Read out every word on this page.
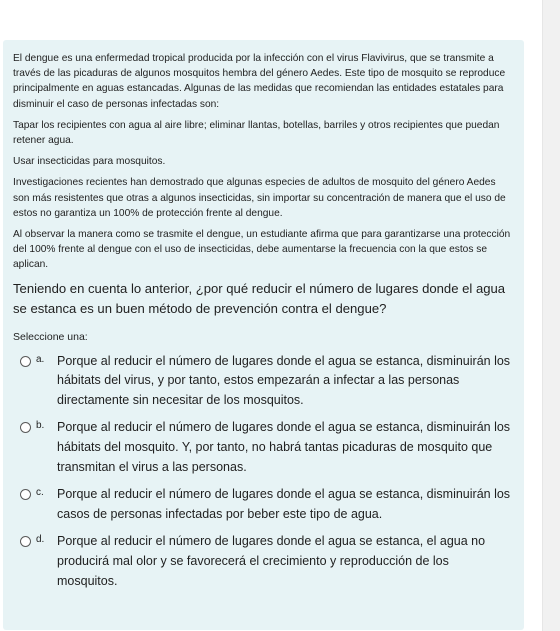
El dengue es una enfermedad tropical producida por la infección con el virus Flavivirus, que se transmite a través de las picaduras de algunos mosquitos hembra del género Aedes. Este tipo de mosquito se reproduce principalmente en aguas estancadas. Algunas de las medidas que recomiendan las entidades estatales para disminuir el caso de personas infectadas son:

Tapar los recipientes con agua al aire libre; eliminar llantas, botellas, barriles y otros recipientes que puedan retener agua.

Usar insecticidas para mosquitos.

Investigaciones recientes han demostrado que algunas especies de adultos de mosquito del género Aedes son más resistentes que otras a algunos insecticidas, sin importar su concentración de manera que el uso de estos no garantiza un 100% de protección frente al dengue.

Al observar la manera como se trasmite el dengue, un estudiante afirma que para garantizarse una protección del 100% frente al dengue con el uso de insecticidas, debe aumentarse la frecuencia con la que estos se aplican.

Teniendo en cuenta lo anterior, ¿por qué reducir el número de lugares donde el agua se estanca es un buen método de prevención contra el dengue?

Seleccione una:

a. Porque al reducir el número de lugares donde el agua se estanca, disminuirán los hábitats del virus, y por tanto, estos empezarán a infectar a las personas directamente sin necesitar de los mosquitos.
b. Porque al reducir el número de lugares donde el agua se estanca, disminuirán los hábitats del mosquito. Y, por tanto, no habrá tantas picaduras de mosquito que transmitan el virus a las personas.
c. Porque al reducir el número de lugares donde el agua se estanca, disminuirán los casos de personas infectadas por beber este tipo de agua.
d. Porque al reducir el número de lugares donde el agua se estanca, el agua no producirá mal olor y se favorecerá el crecimiento y reproducción de los mosquitos.
